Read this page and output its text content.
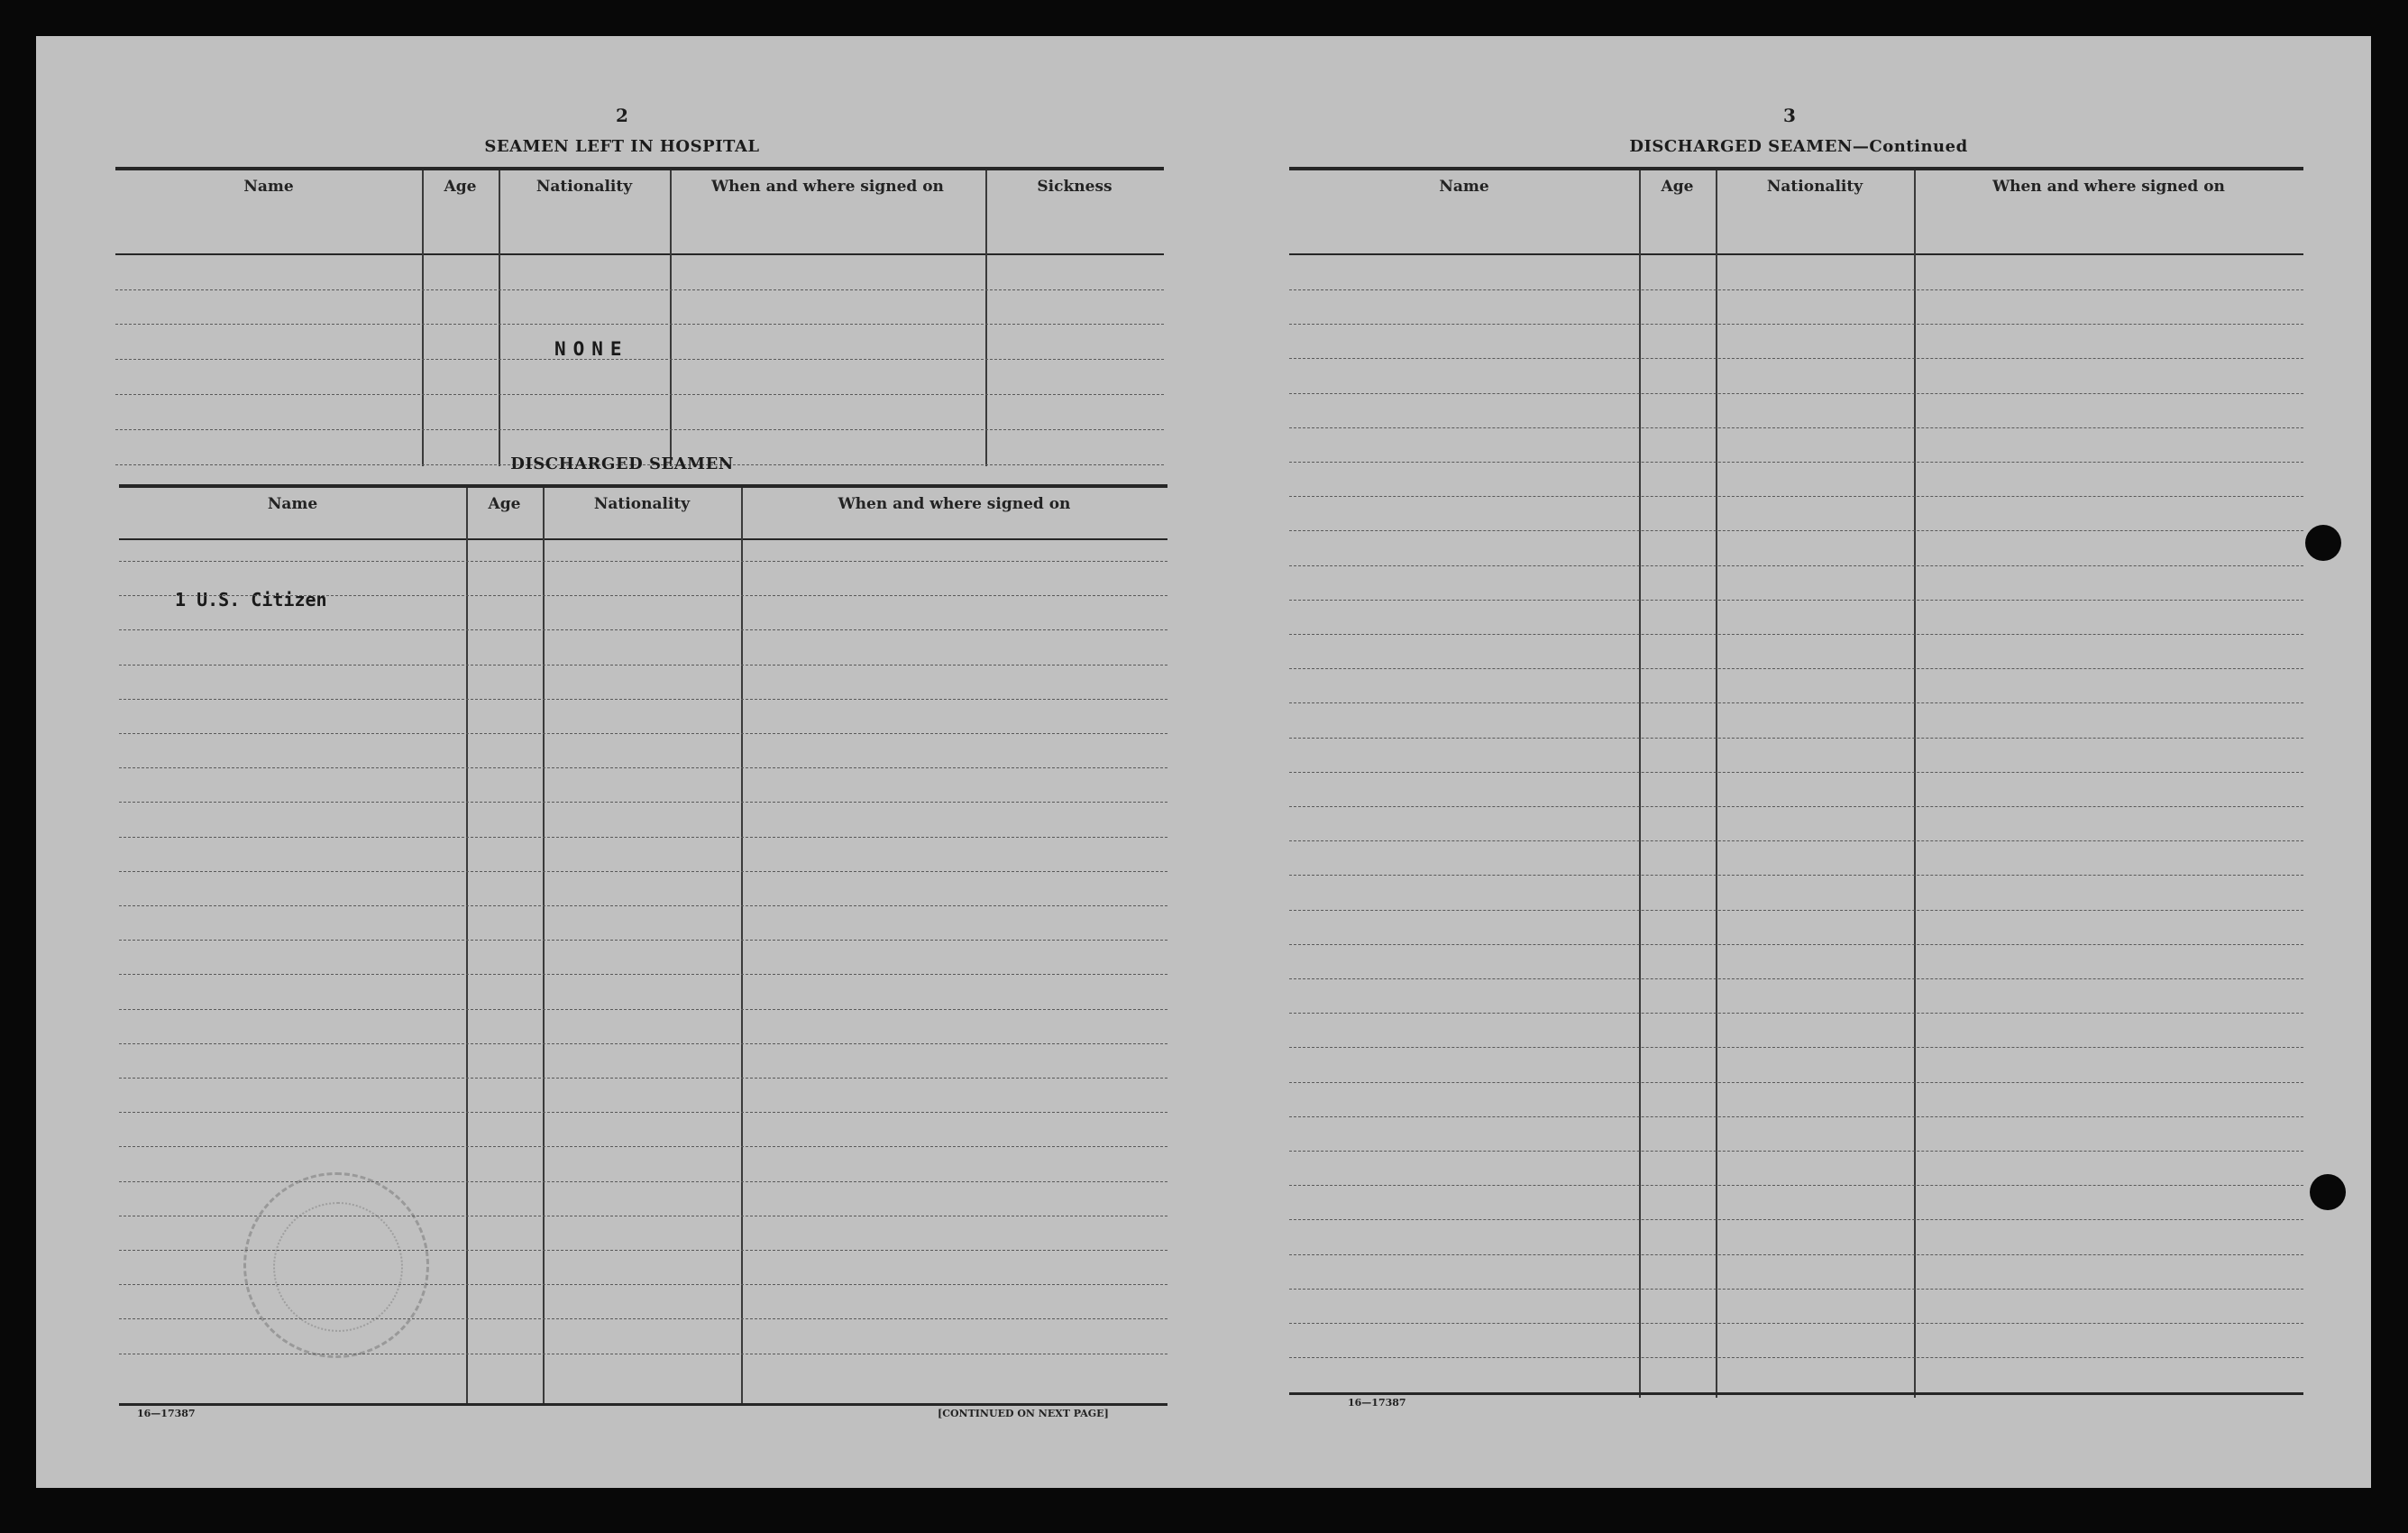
2
SEAMEN LEFT IN HOSPITAL
Name	Age	Nationality	When and where signed on	Sickness
NONE
DISCHARGED SEAMEN
Name	Age	Nationality	When and where signed on
1 U.S. Citizen
16—17387	[CONTINUED ON NEXT PAGE]
3
DISCHARGED SEAMEN—Continued
Name	Age	Nationality	When and where signed on
16—17387
